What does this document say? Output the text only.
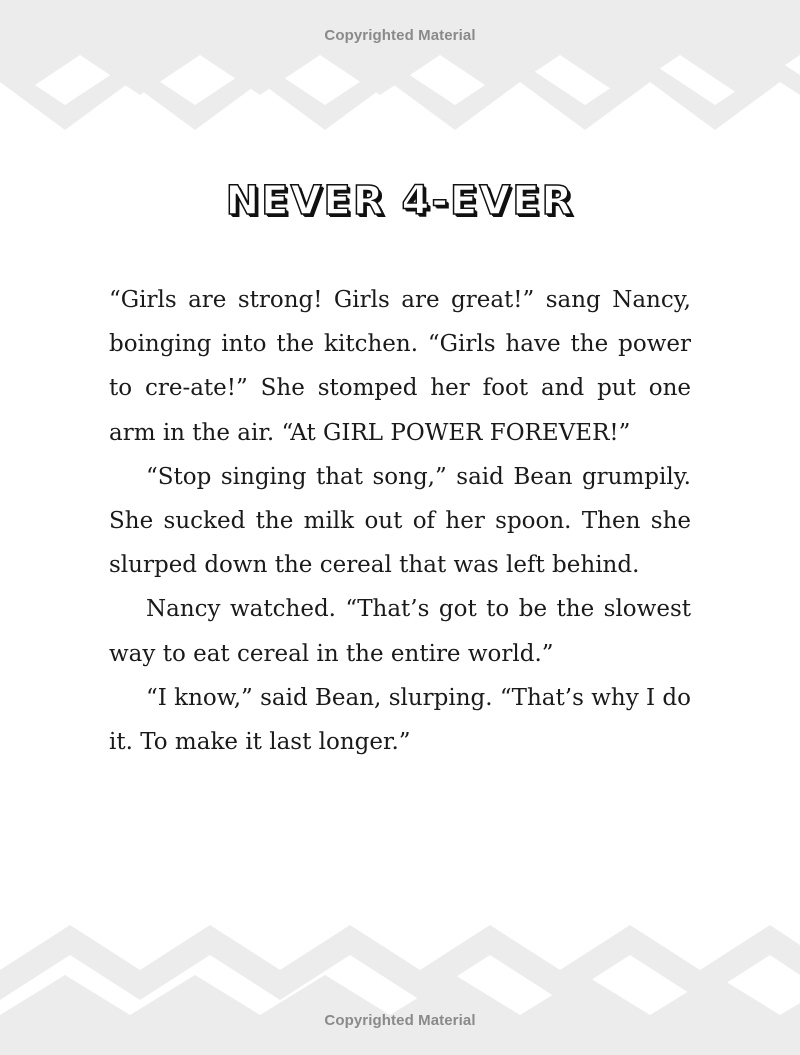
Copyrighted Material
NEVER 4-EVER

“Girls are strong! Girls are great!” sang Nancy, boinging into the kitchen. “Girls have the power to cre-ate!” She stomped her foot and put one arm in the air. “At GIRL POWER FOREVER!”

“Stop singing that song,” said Bean grumpily. She sucked the milk out of her spoon. Then she slurped down the cereal that was left behind.

Nancy watched. “That’s got to be the slowest way to eat cereal in the entire world.”

“I know,” said Bean, slurping. “That’s why I do it. To make it last longer.”

Copyrighted Material
